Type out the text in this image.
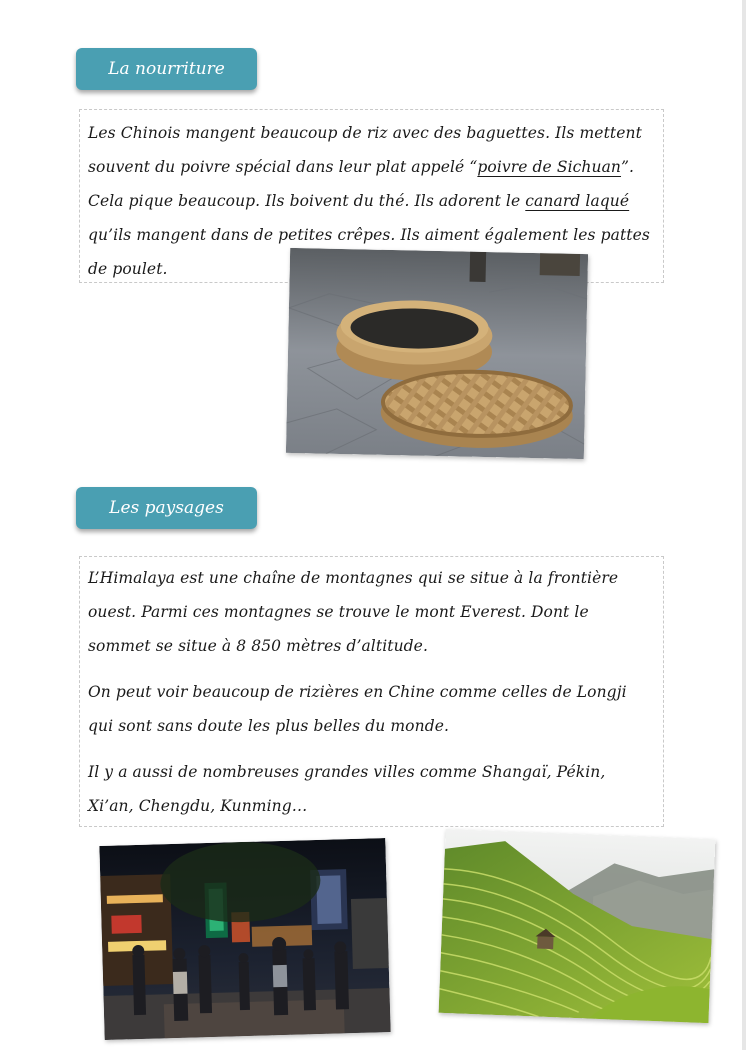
La nourriture

Les Chinois mangent beaucoup de riz avec des baguettes. Ils mettent souvent du poivre spécial dans leur plat appelé “poivre de Sichuan”. Cela pique beaucoup. Ils boivent du thé. Ils adorent le canard laqué qu’ils mangent dans de petites crêpes. Ils aiment également les pattes de poulet.

Les paysages

L’Himalaya est une chaîne de montagnes qui se situe à la frontière ouest. Parmi ces montagnes se trouve le mont Everest. Dont le sommet se situe à 8 850 mètres d’altitude.

On peut voir beaucoup de rizières en Chine comme celles de Longji qui sont sans doute les plus belles du monde.

Il y a aussi de nombreuses grandes villes comme Shangaï, Pékin, Xi’an, Chengdu, Kunming…
